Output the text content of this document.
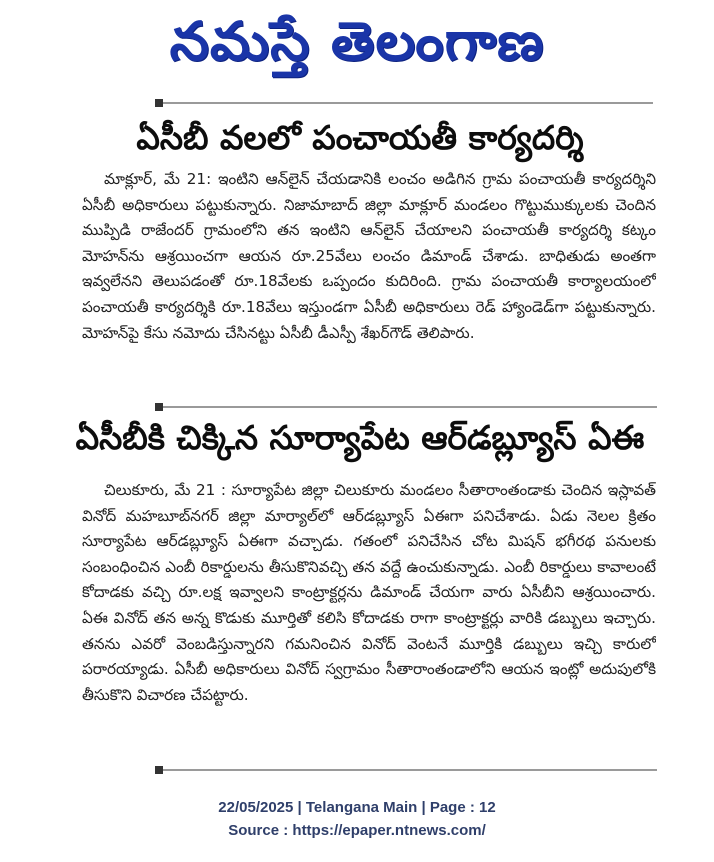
నమస్తే తెలంగాణ
ఏసీబీ వలలో పంచాయతీ కార్యదర్శి

మాక్లూర్, మే 21: ఇంటిని ఆన్‌లైన్ చేయడానికి లంచం అడిగిన గ్రామ పంచాయతీ కార్యదర్శిని ఏసీబీ అధికారులు పట్టుకున్నారు. నిజామాబాద్ జిల్లా మాక్లూర్ మండలం గొట్టుముక్కులకు చెందిన ముప్పిడి రాజేందర్ గ్రామంలోని తన ఇంటిని ఆన్‌లైన్ చేయాలని పంచాయతీ కార్యదర్శి కట్కం మోహన్‌ను ఆశ్రయించగా ఆయన రూ.25వేలు లంచం డిమాండ్ చేశాడు. బాధితుడు అంతగా ఇవ్వలేనని తెలుపడంతో రూ.18వేలకు ఒప్పందం కుదిరింది. గ్రామ పంచాయతీ కార్యాలయంలో పంచాయతీ కార్యదర్శికి రూ.18వేలు ఇస్తుండగా ఏసీబీ అధికారులు రెడ్ హ్యాండెడ్‌గా పట్టుకున్నారు. మోహన్‌పై కేసు నమోదు చేసినట్టు ఏసీబీ డీఎస్పీ శేఖర్‌గౌడ్ తెలిపారు.

ఏసీబీకి చిక్కిన సూర్యాపేట ఆర్‌డబ్ల్యూస్ ఏఈ

చిలుకూరు, మే 21 : సూర్యాపేట జిల్లా చిలుకూరు మండలం సీతారాంతండాకు చెందిన ఇస్లావత్ వినోద్ మహబూబ్‌నగర్ జిల్లా మార్యాల్‌లో ఆర్‌డబ్ల్యూస్ ఏఈగా పనిచేశాడు. ఏడు నెలల క్రితం సూర్యాపేట ఆర్‌డబ్ల్యూస్ ఏఈగా వచ్చాడు. గతంలో పనిచేసిన చోట మిషన్ భగీరథ పనులకు సంబంధించిన ఎంబీ రికార్డులను తీసుకొనివచ్చి తన వద్దే ఉంచుకున్నాడు. ఎంబీ రికార్డులు కావాలంటే కోదాడకు వచ్చి రూ.లక్ష ఇవ్వాలని కాంట్రాక్టర్లను డిమాండ్ చేయగా వారు ఏసీబీని ఆశ్రయించారు. ఏఈ వినోద్ తన అన్న కొడుకు మూర్తితో కలిసి కోదాడకు రాగా కాంట్రాక్టర్లు వారికి డబ్బులు ఇచ్చారు. తనను ఎవరో వెంబడిస్తున్నారని గమనించిన వినోద్ వెంటనే మూర్తికి డబ్బులు ఇచ్చి కారులో పరారయ్యాడు. ఏసీబీ అధికారులు వినోద్ స్వగ్రామం సీతారాంతండాలోని ఆయన ఇంట్లో అదుపులోకి తీసుకొని విచారణ చేపట్టారు.

22/05/2025 | Telangana Main | Page : 12
Source : https://epaper.ntnews.com/
